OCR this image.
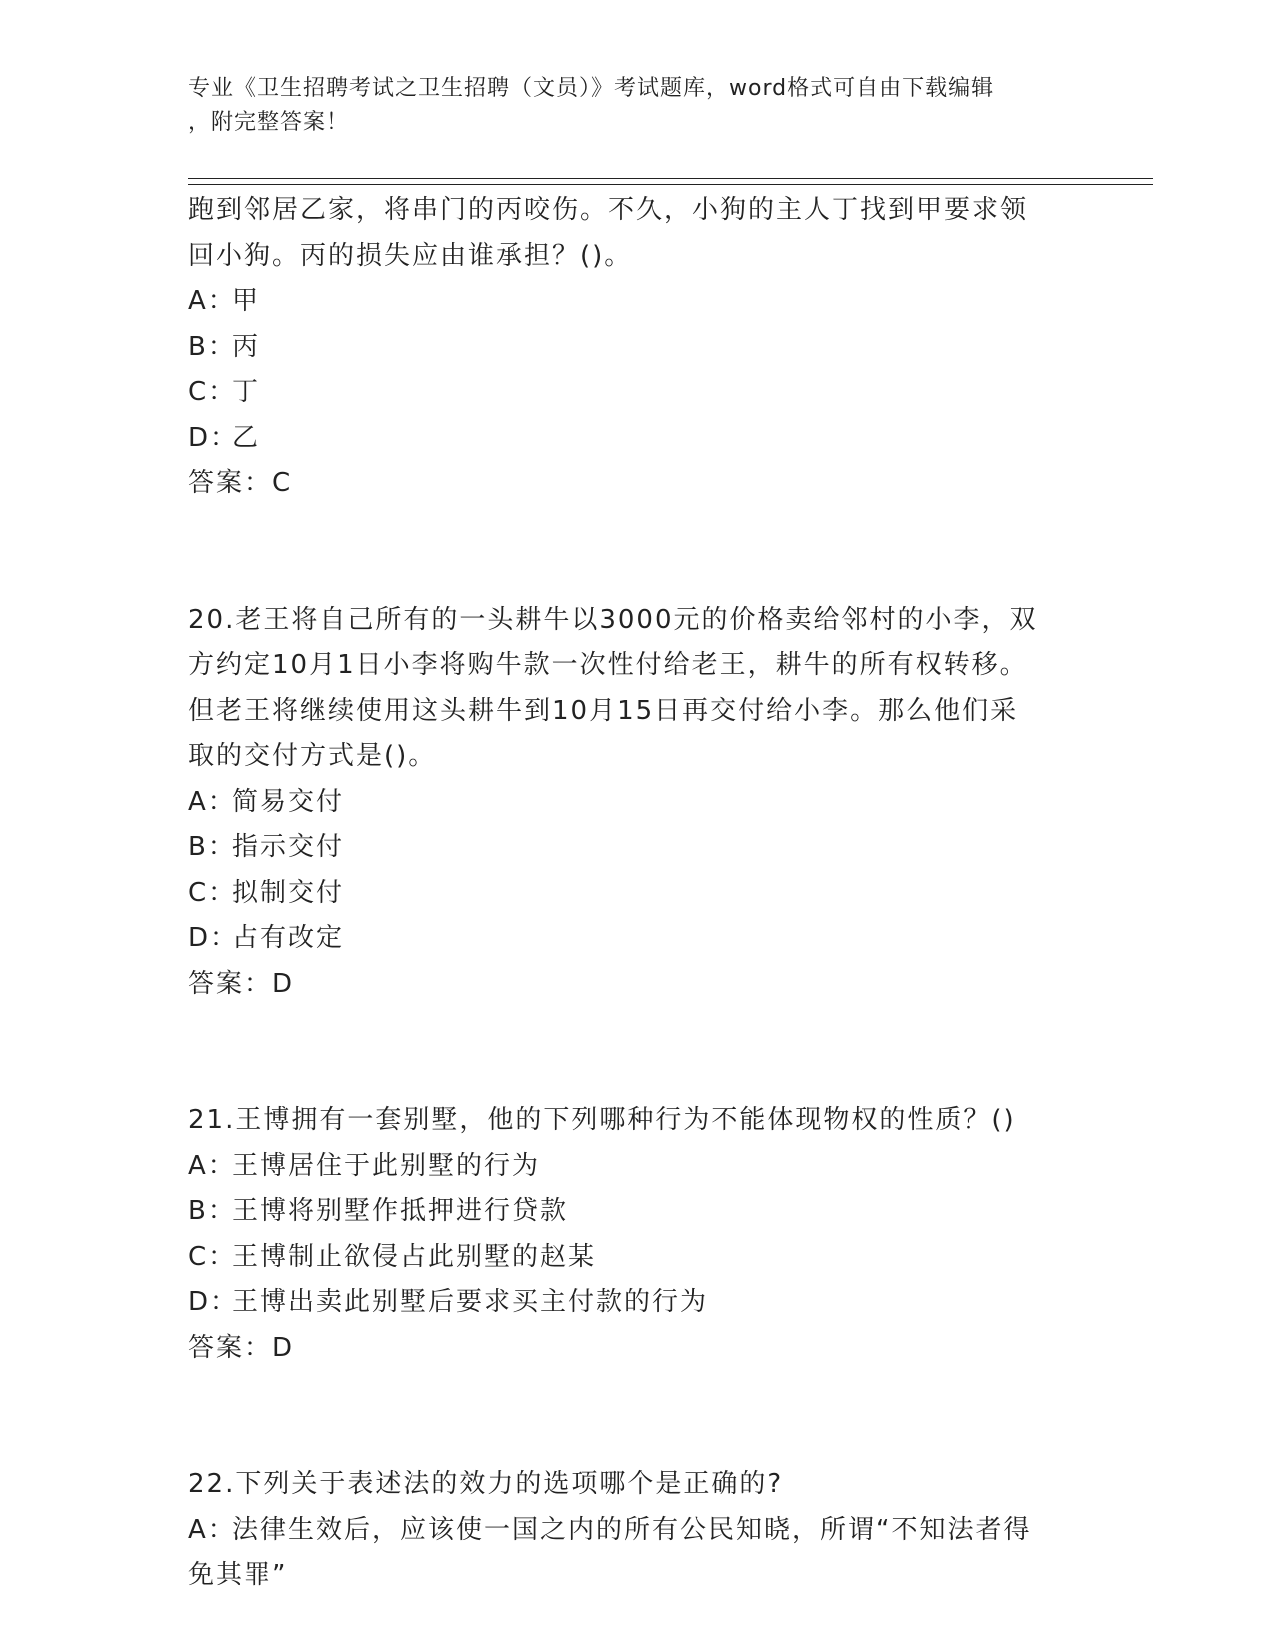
专业《卫生招聘考试之卫生招聘（文员）》考试题库，word格式可自由下载编辑
，附完整答案！
跑到邻居乙家，将串门的丙咬伤。不久，小狗的主人丁找到甲要求领
回小狗。丙的损失应由谁承担？()。
A：甲
B：丙
C：丁
D：乙
答案：C
20.老王将自己所有的一头耕牛以3000元的价格卖给邻村的小李，双
方约定10月1日小李将购牛款一次性付给老王，耕牛的所有权转移。
但老王将继续使用这头耕牛到10月15日再交付给小李。那么他们采
取的交付方式是()。
A：简易交付
B：指示交付
C：拟制交付
D：占有改定
答案：D
21.王博拥有一套别墅，他的下列哪种行为不能体现物权的性质？()
A：王博居住于此别墅的行为
B：王博将别墅作抵押进行贷款
C：王博制止欲侵占此别墅的赵某
D：王博出卖此别墅后要求买主付款的行为
答案：D
22.下列关于表述法的效力的选项哪个是正确的?
A：法律生效后，应该使一国之内的所有公民知晓，所谓“不知法者得
免其罪”
